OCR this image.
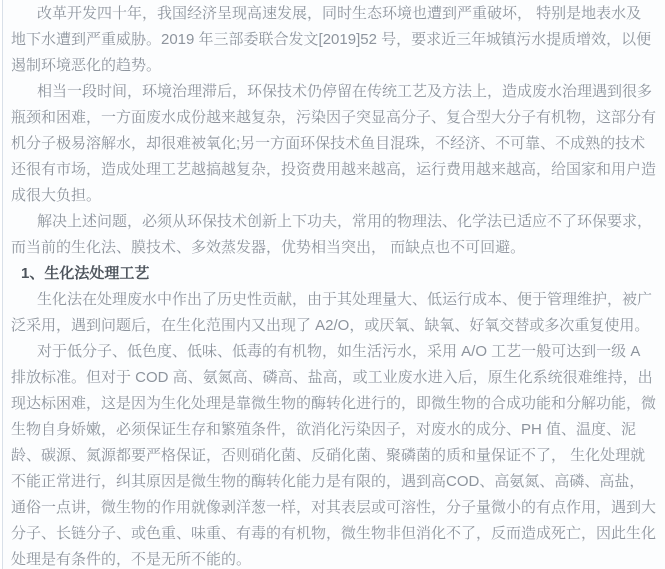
改革开发四十年，我国经济呈现高速发展，同时生态环境也遭到严重破坏， 特别是地表水及地下水遭到严重威胁。2019 年三部委联合发文[2019]52 号，要求近三年城镇污水提质增效，以便遏制环境恶化的趋势。

相当一段时间，环境治理滞后，环保技术仍停留在传统工艺及方法上，造成废水治理遇到很多瓶颈和困难，一方面废水成份越来越复杂，污染因子突显高分子、复合型大分子有机物，这部分有机分子极易溶解水，却很难被氧化;另一方面环保技术鱼目混珠，不经济、不可靠、不成熟的技术还很有市场，造成处理工艺越搞越复杂，投资费用越来越高，运行费用越来越高，给国家和用户造成很大负担。

解决上述问题，必须从环保技术创新上下功夫，常用的物理法、化学法已适应不了环保要求，而当前的生化法、膜技术、多效蒸发器，优势相当突出， 而缺点也不可回避。

1、生化法处理工艺

生化法在处理废水中作出了历史性贡献，由于其处理量大、低运行成本、便于管理维护，被广泛采用，遇到问题后，在生化范围内又出现了 A2/O，或厌氧、缺氧、好氧交替或多次重复使用。

对于低分子、低色度、低味、低毒的有机物，如生活污水，采用 A/O 工艺一般可达到一级 A 排放标准。但对于 COD 高、氨氮高、磷高、盐高，或工业废水进入后，原生化系统很难维持，出现达标困难，这是因为生化处理是靠微生物的酶转化进行的，即微生物的合成功能和分解功能，微生物自身娇嫩，必须保证生存和繁殖条件，欲消化污染因子，对废水的成分、PH 值、温度、泥龄、碳源、氮源都要严格保证，否则硝化菌、反硝化菌、聚磷菌的质和量保证不了， 生化处理就不能正常进行，纠其原因是微生物的酶转化能力是有限的，遇到高COD、高氨氮、高磷、高盐，通俗一点讲，微生物的作用就像剥洋葱一样，对其表层或可溶性，分子量微小的有点作用，遇到大分子、长链分子、或色重、味重、有毒的有机物，微生物非但消化不了，反而造成死亡，因此生化处理是有条件的，不是无所不能的。
